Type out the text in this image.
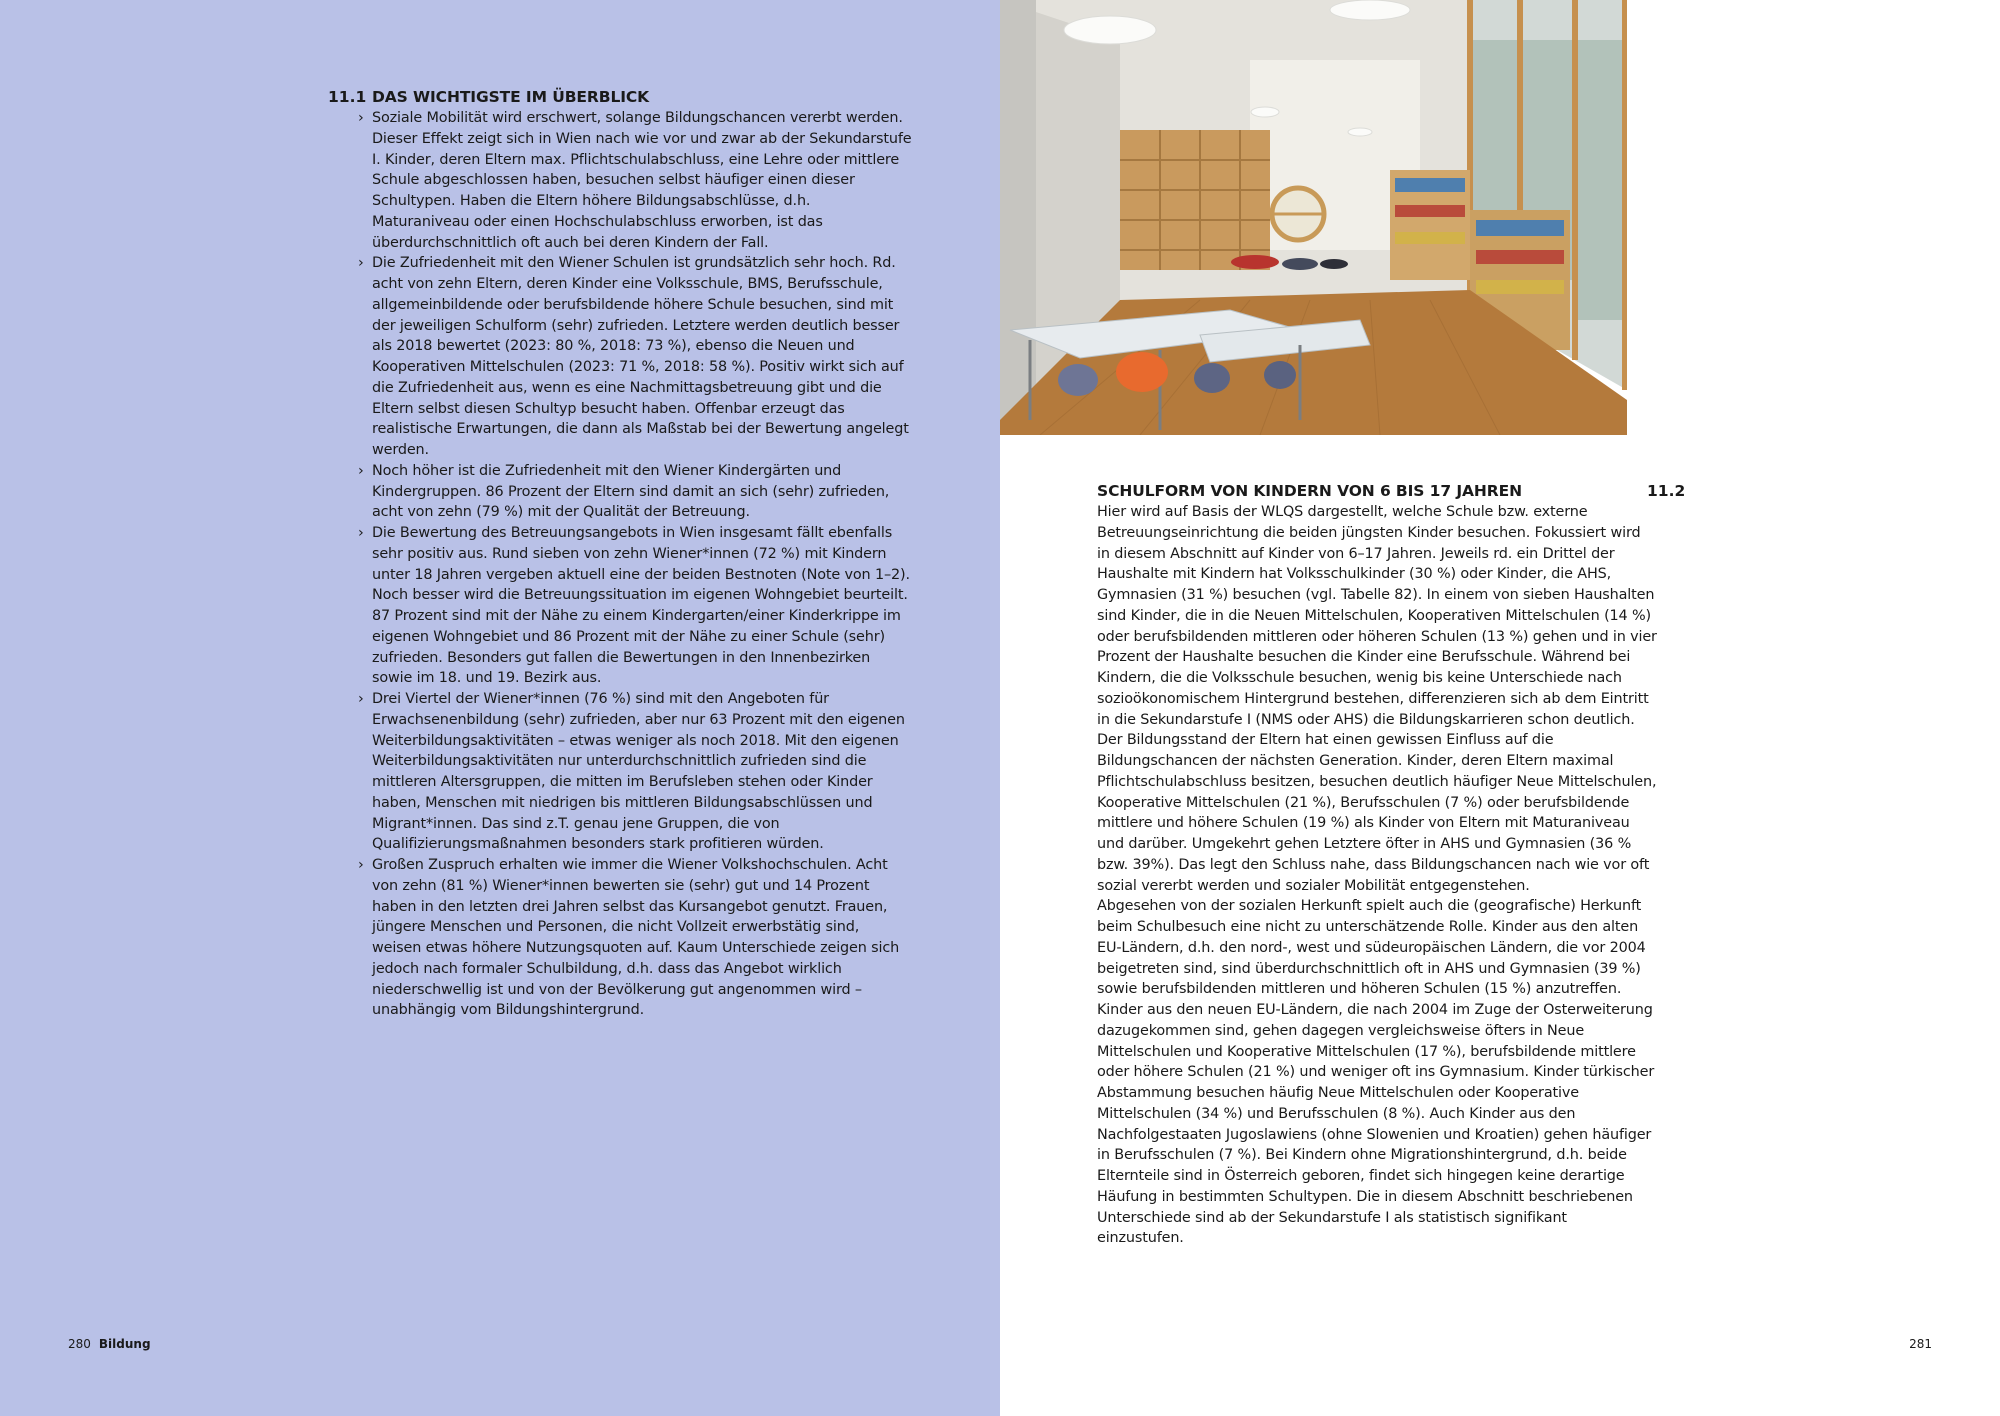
11.1 DAS WICHTIGSTE IM ÜBERBLICK
› Soziale Mobilität wird erschwert, solange Bildungschancen vererbt werden. Dieser Effekt zeigt sich in Wien nach wie vor und zwar ab der Sekundarstufe I. Kinder, deren Eltern max. Pflichtschulabschluss, eine Lehre oder mittlere Schule abgeschlossen haben, besuchen selbst häufiger einen dieser Schultypen. Haben die Eltern höhere Bildungsabschlüsse, d.h. Maturaniveau oder einen Hochschulabschluss erworben, ist das überdurchschnittlich oft auch bei deren Kindern der Fall.
› Die Zufriedenheit mit den Wiener Schulen ist grundsätzlich sehr hoch. Rd. acht von zehn Eltern, deren Kinder eine Volksschule, BMS, Berufsschule, allgemeinbildende oder berufsbildende höhere Schule besuchen, sind mit der jeweiligen Schulform (sehr) zufrieden. Letztere werden deutlich besser als 2018 bewertet (2023: 80 %, 2018: 73 %), ebenso die Neuen und Kooperativen Mittelschulen (2023: 71 %, 2018: 58 %). Positiv wirkt sich auf die Zufriedenheit aus, wenn es eine Nachmittagsbetreuung gibt und die Eltern selbst diesen Schultyp besucht haben. Offenbar erzeugt das realistische Erwartungen, die dann als Maßstab bei der Bewertung angelegt werden.
› Noch höher ist die Zufriedenheit mit den Wiener Kindergärten und Kindergruppen. 86 Prozent der Eltern sind damit an sich (sehr) zufrieden, acht von zehn (79 %) mit der Qualität der Betreuung.
› Die Bewertung des Betreuungsangebots in Wien insgesamt fällt ebenfalls sehr positiv aus. Rund sieben von zehn Wiener*innen (72 %) mit Kindern unter 18 Jahren vergeben aktuell eine der beiden Bestnoten (Note von 1–2). Noch besser wird die Betreuungssituation im eigenen Wohngebiet beurteilt. 87 Prozent sind mit der Nähe zu einem Kindergarten/einer Kinderkrippe im eigenen Wohngebiet und 86 Prozent mit der Nähe zu einer Schule (sehr) zufrieden. Besonders gut fallen die Bewertungen in den Innenbezirken sowie im 18. und 19. Bezirk aus.
› Drei Viertel der Wiener*innen (76 %) sind mit den Angeboten für Erwachsenenbildung (sehr) zufrieden, aber nur 63 Prozent mit den eigenen Weiterbildungsaktivitäten – etwas weniger als noch 2018. Mit den eigenen Weiterbildungsaktivitäten nur unterdurchschnittlich zufrieden sind die mittleren Altersgruppen, die mitten im Berufsleben stehen oder Kinder haben, Menschen mit niedrigen bis mittleren Bildungsabschlüssen und Migrant*innen. Das sind z.T. genau jene Gruppen, die von Qualifizierungsmaßnahmen besonders stark profitieren würden.
› Großen Zuspruch erhalten wie immer die Wiener Volkshochschulen. Acht von zehn (81 %) Wiener*innen bewerten sie (sehr) gut und 14 Prozent haben in den letzten drei Jahren selbst das Kursangebot genutzt. Frauen, jüngere Menschen und Personen, die nicht Vollzeit erwerbstätig sind, weisen etwas höhere Nutzungsquoten auf. Kaum Unterschiede zeigen sich jedoch nach formaler Schulbildung, d.h. dass das Angebot wirklich niederschwellig ist und von der Bevölkerung gut angenommen wird – unabhängig vom Bildungshintergrund.
280 Bildung
SCHULFORM VON KINDERN VON 6 BIS 17 JAHREN	11.2

Hier wird auf Basis der WLQS dargestellt, welche Schule bzw. externe Betreuungseinrichtung die beiden jüngsten Kinder besuchen. Fokussiert wird in diesem Abschnitt auf Kinder von 6–17 Jahren. Jeweils rd. ein Drittel der Haushalte mit Kindern hat Volksschulkinder (30 %) oder Kinder, die AHS, Gymnasien (31 %) besuchen (vgl. Tabelle 82). In einem von sieben Haushalten sind Kinder, die in die Neuen Mittelschulen, Kooperativen Mittelschulen (14 %) oder berufsbildenden mittleren oder höheren Schulen (13 %) gehen und in vier Prozent der Haushalte besuchen die Kinder eine Berufsschule. Während bei Kindern, die die Volksschule besuchen, wenig bis keine Unterschiede nach sozioökonomischem Hintergrund bestehen, differenzieren sich ab dem Eintritt in die Sekundarstufe I (NMS oder AHS) die Bildungskarrieren schon deutlich. Der Bildungsstand der Eltern hat einen gewissen Einfluss auf die Bildungschancen der nächsten Generation. Kinder, deren Eltern maximal Pflichtschulabschluss besitzen, besuchen deutlich häufiger Neue Mittelschulen, Kooperative Mittelschulen (21 %), Berufsschulen (7 %) oder berufsbildende mittlere und höhere Schulen (19 %) als Kinder von Eltern mit Maturaniveau und darüber. Umgekehrt gehen Letztere öfter in AHS und Gymnasien (36 % bzw. 39%). Das legt den Schluss nahe, dass Bildungschancen nach wie vor oft sozial vererbt werden und sozialer Mobilität entgegenstehen.

Abgesehen von der sozialen Herkunft spielt auch die (geografische) Herkunft beim Schulbesuch eine nicht zu unterschätzende Rolle. Kinder aus den alten EU-Ländern, d.h. den nord-, west und südeuropäischen Ländern, die vor 2004 beigetreten sind, sind überdurchschnittlich oft in AHS und Gymnasien (39 %) sowie berufsbildenden mittleren und höheren Schulen (15 %) anzutreffen. Kinder aus den neuen EU-Ländern, die nach 2004 im Zuge der Osterweiterung dazugekommen sind, gehen dagegen vergleichsweise öfters in Neue Mittelschulen und Kooperative Mittelschulen (17 %), berufsbildende mittlere oder höhere Schulen (21 %) und weniger oft ins Gymnasium. Kinder türkischer Abstammung besuchen häufig Neue Mittelschulen oder Kooperative Mittelschulen (34 %) und Berufsschulen (8 %). Auch Kinder aus den Nachfolgestaaten Jugoslawiens (ohne Slowenien und Kroatien) gehen häufiger in Berufsschulen (7 %). Bei Kindern ohne Migrationshintergrund, d.h. beide Elternteile sind in Österreich geboren, findet sich hingegen keine derartige Häufung in bestimmten Schultypen. Die in diesem Abschnitt beschriebenen Unterschiede sind ab der Sekundarstufe I als statistisch signifikant einzustufen.

281
